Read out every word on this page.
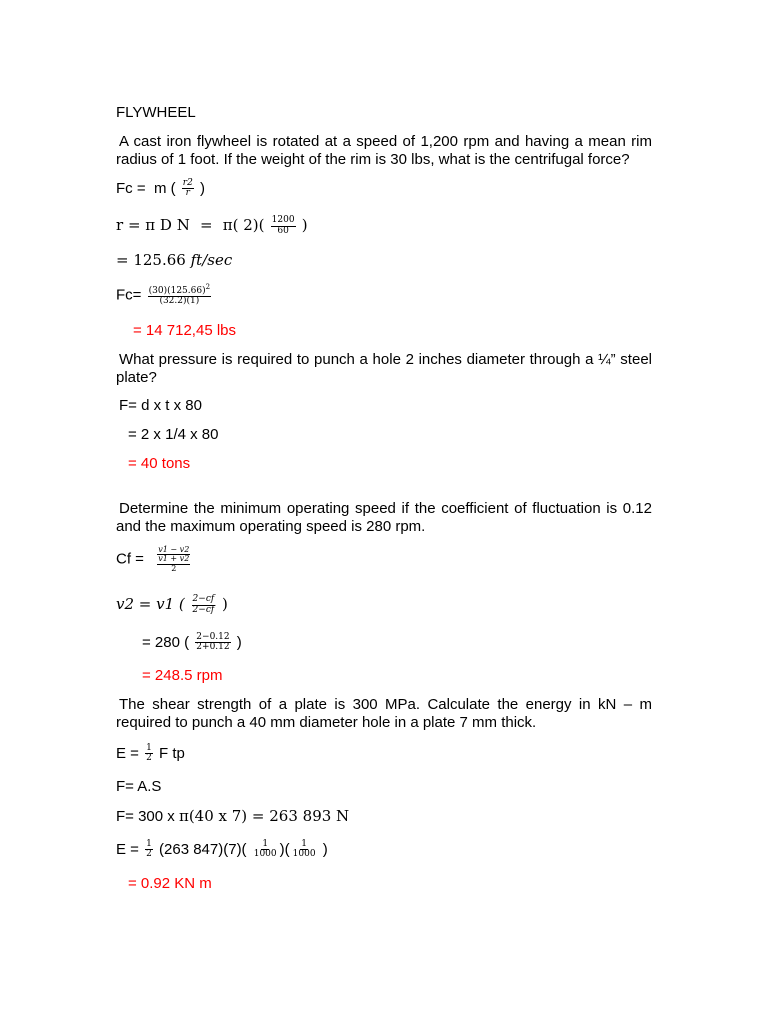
FLYWHEEL
A cast iron flywheel is rotated at a speed of 1,200 rpm and having a mean rim radius of 1 foot. If the weight of the rim is 30 lbs, what is the centrifugal force?
Fc = m ( $\frac{r2}{r}$ )
r = π D N = π( $2)( \frac{1200}{60}$ )
= 125.66 ft/sec
$Fc= \frac{(30)(125.66)^2}{(32.2)(1)}$
= 14 712,45 lbs
What pressure is required to punch a hole 2 inches diameter through a ¼” steel plate?
F= d x t x 80
= 2 x 1/4 x 80
= 40 tons
Determine the minimum operating speed if the coefficient of fluctuation is 0.12 and the maximum operating speed is 280 rpm.
$Cf = \frac{v1 - v2}{\frac{v1 + v2}{2}}$
v2 = v1 ( $\frac{2-cf}{2-cf}$ )
= 280 ( $\frac{2-0.12}{2+0.12}$ )
= 248.5 rpm
The shear strength of a plate is 300 MPa. Calculate the energy in kN – m required to punch a 40 mm diameter hole in a plate 7 mm thick.
$E = \frac{1}{2}$ F tp
F= A.S
F= 300 x π(40 x 7) = 263 893 N
$E = \frac{1}{2} (263$ $847)(7)( \frac{1}{1000}$ )( $\frac{1}{1000}$ )
= 0.92 KN m
